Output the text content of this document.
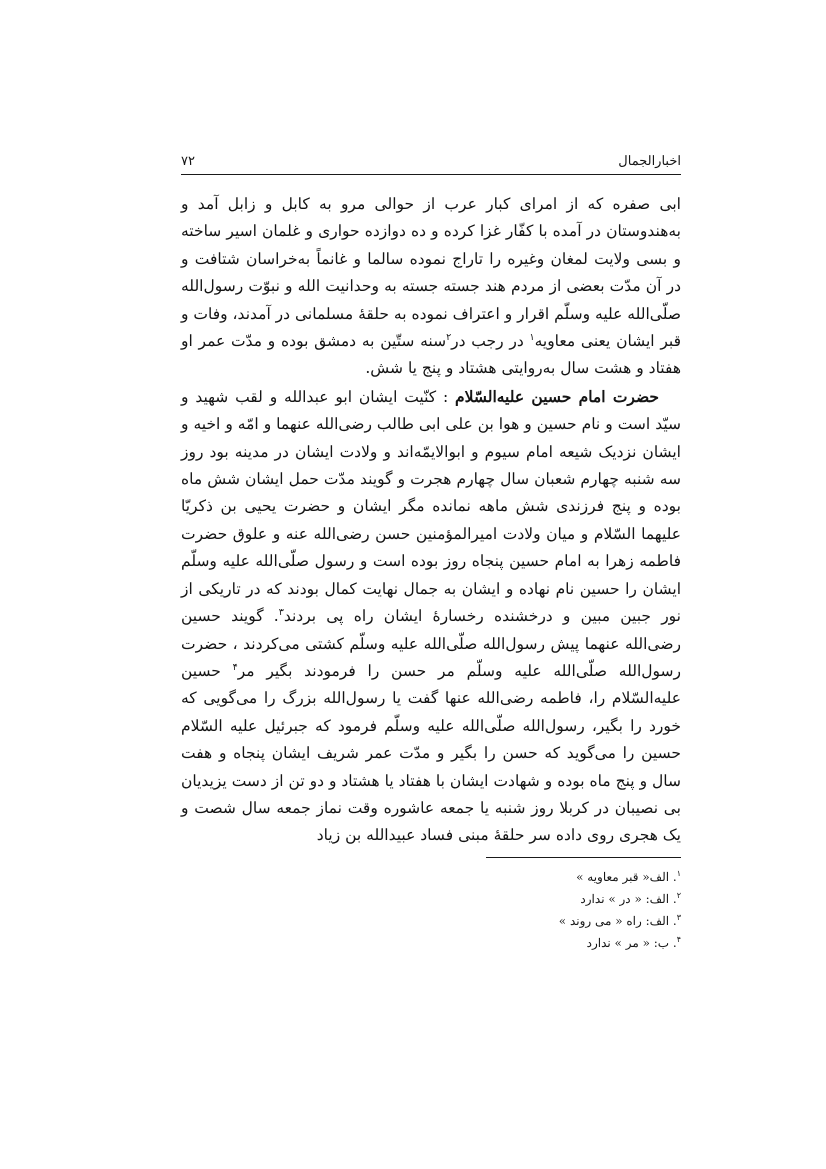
اخبارالجمال
۷۲

ابی صفره که از امرای کبار عرب از حوالی مرو به کابل و زابل آمد و به‌هندوستان در آمده با کفّار غزا کرده و ده دوازده حواری و غلمان اسیر ساخته و بسی ولایت لمغان وغیره را تاراج نموده سالما و غانماً به‌خراسان شتافت و در آن مدّت بعضی از مردم هند جسته جسته به وحدانیت الله و نبوّت رسول‌الله صلّی‌الله علیه وسلّم اقرار و اعتراف نموده به حلقهٔ مسلمانی در آمدند، وفات و قبر ایشان یعنی معاویه$^۱$ در رجب در$^۲$سنه ستّین به دمشق بوده و مدّت عمر او هفتاد و هشت سال به‌روایتی هشتاد و پنج یا شش.

حضرت امام حسین علیه‌السّلام : کنّیت ایشان ابو عبدالله و لقب شهید و سیّد است و نام حسین و هوا بن علی ابی طالب رضی‌الله عنهما و امّه و اخیه و ایشان نزدیک شیعه امام سیوم و ابوالایمّه‌اند و ولادت ایشان در مدینه بود روز سه شنبه چهارم شعبان سال چهارم هجرت و گویند مدّت حمل ایشان شش ماه بوده و پنج فرزندی شش ماهه نمانده مگر ایشان و حضرت یحیی بن ذکریّا علیهما السّلام و میان ولادت امیرالمؤمنین حسن رضی‌الله عنه و علوق حضرت فاطمه زهرا به امام حسین پنجاه روز بوده است و رسول صلّی‌الله علیه وسلّم ایشان را حسین نام نهاده و ایشان به جمال نهایت کمال بودند که در تاریکی از نور جبین مبین و درخشنده رخسارهٔ ایشان راه پی بردند$^۳$. گویند حسین رضی‌الله عنهما پیش رسول‌الله صلّی‌الله علیه وسلّم کشتی می‌کردند ، حضرت رسول‌الله صلّی‌الله علیه وسلّم مر حسن را فرمودند بگیر مر$^۴$ حسین علیه‌السّلام را، فاطمه رضی‌الله عنها گفت یا رسول‌الله بزرگ را می‌گویی که خورد را بگیر، رسول‌الله صلّی‌الله علیه وسلّم فرمود که جبرئیل علیه السّلام حسین را می‌گوید که حسن را بگیر و مدّت عمر شریف ایشان پنجاه و هفت سال و پنج ماه بوده و شهادت ایشان با هفتاد یا هشتاد و دو تن از دست یزیدیان بی نصیبان در کربلا روز شنبه یا جمعه عاشوره وقت نماز جمعه سال شصت و یک هجری روی داده سر حلقهٔ مبنی فساد عبیدالله بن زیاد

$^۱$. الف« قبر معاویه »

$^۲$. الف: « در » ندارد

$^۳$. الف: راه « می روند »

$^۴$. ب: « مر » ندارد
